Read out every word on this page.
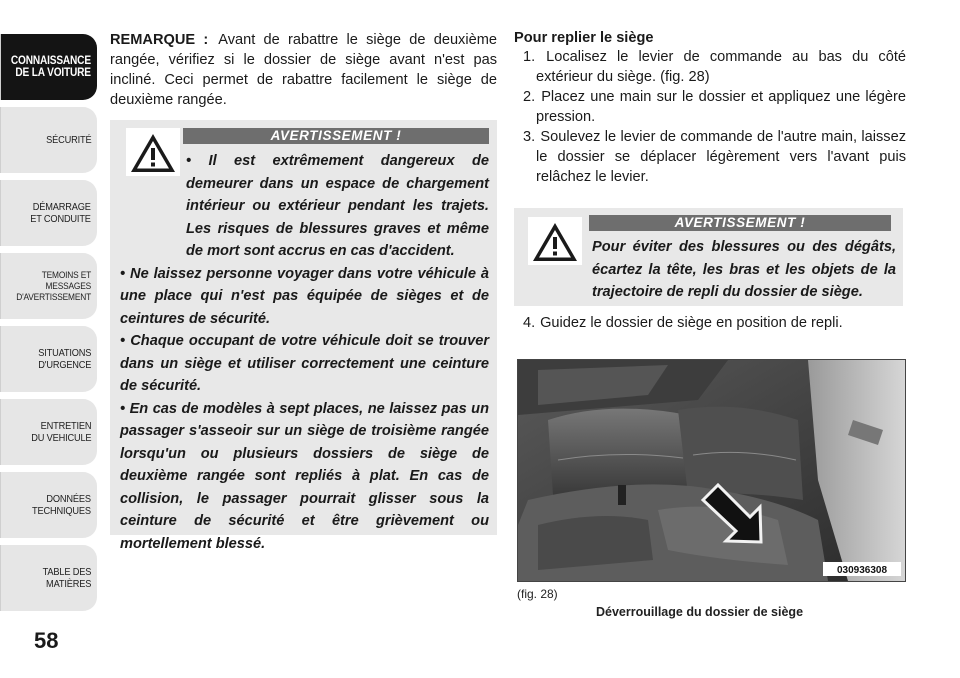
CONNAISSANCE
DE LA VOITURE
SÉCURITÉ
DÉMARRAGE
ET CONDUITE
TEMOINS ET
MESSAGES
D'AVERTISSEMENT
SITUATIONS
D'URGENCE
ENTRETIEN
DU VEHICULE
DONNÉES
TECHNIQUES
TABLE DES
MATIÈRES
58

REMARQUE : Avant de rabattre le siège de deuxième rangée, vérifiez si le dossier de siège avant n'est pas incliné. Ceci permet de rabattre facilement le siège de deuxième rangée.

AVERTISSEMENT !
• Il est extrêmement dangereux de demeurer dans un espace de chargement intérieur ou extérieur pendant les trajets. Les risques de blessures graves et même de mort sont accrus en cas d'accident.
• Ne laissez personne voyager dans votre véhicule à une place qui n'est pas équipée de sièges et de ceintures de sécurité.
• Chaque occupant de votre véhicule doit se trouver dans un siège et utiliser correctement une ceinture de sécurité.
• En cas de modèles à sept places, ne laissez pas un passager s'asseoir sur un siège de troisième rangée lorsqu'un ou plusieurs dossiers de siège de deuxième rangée sont repliés à plat. En cas de collision, le passager pourrait glisser sous la ceinture de sécurité et être grièvement ou mortellement blessé.
Pour replier le siège
1. Localisez le levier de commande au bas du côté extérieur du siège. (fig. 28)
2. Placez une main sur le dossier et appliquez une légère pression.
3. Soulevez le levier de commande de l'autre main, laissez le dossier se déplacer légèrement vers l'avant puis relâchez le levier.
AVERTISSEMENT !
Pour éviter des blessures ou des dégâts, écartez la tête, les bras et les objets de la trajectoire de repli du dossier de siège.
4. Guidez le dossier de siège en position de repli.
030936308
(fig. 28)
Déverrouillage du dossier de siège
